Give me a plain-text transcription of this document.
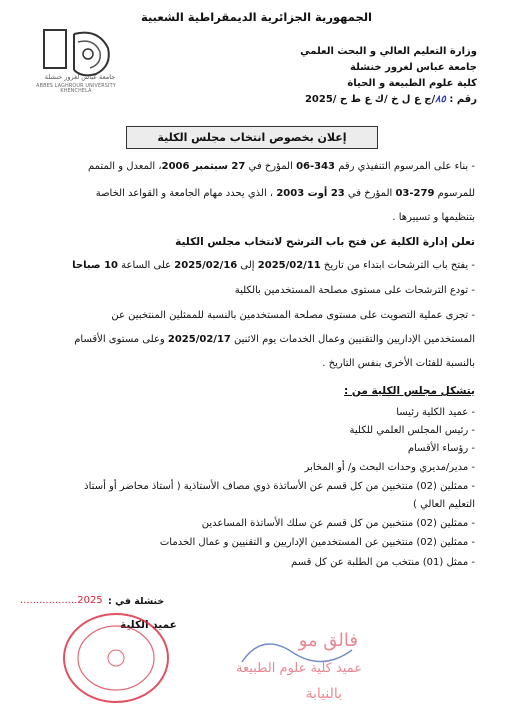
الجمهورية الجزائرية الديمقراطية الشعبية
جامعة عباس لغرور خنشلة
ABBES LAGHROUR UNIVERSITY KHENCHELA
وزارة التعليم العالي و البحث العلمي
جامعة عباس لغرور خنشلة
كلية علوم الطبيعة و الحياة
رقم : ٨٥/ج ع ل خ /ك ع ط ح /2025
إعلان بخصوص انتخاب مجلس الكلية
- بناء على المرسوم التنفيذي رقم 343-06 المؤرخ في 27 سبتمبر 2006، المعدل و المتمم
للمرسوم 279-03 المؤرخ في 23 أوت 2003 ، الذي يحدد مهام الجامعة و القواعد الخاصة
بتنظيمها و تسييرها .
تعلن إدارة الكلية عن فتح باب الترشح لانتخاب مجلس الكلية
- يفتح باب الترشحات ابتداء من تاريخ 2025/02/11 إلى 2025/02/16 على الساعة 10 صباحا
- تودع الترشحات على مستوى مصلحة المستخدمين بالكلية
- تجرى عملية التصويت على مستوى مصلحة المستخدمين بالنسبة للممثلين المنتخبين عن
المستخدمين الإداريين والتقنيين وعمال الخدمات يوم الاثنين 2025/02/17 وعلى مستوى الأقسام
بالنسبة للفئات الأخرى بنفس التاريخ .
يتشكل مجلس الكلية من :
- عميد الكلية رئيسا
- رئيس المجلس العلمي للكلية
- رؤساء الأقسام
- مدير/مديري وحدات البحث و/ أو المخابر
- ممثلين (02) منتخبين من كل قسم عن الأساتذة ذوي مصاف الأستاذية ( أستاذ محاضر أو أستاذ
التعليم العالي )
- ممثلين (02) منتخبين من كل قسم عن سلك الأساتذة المساعدين
- ممثلين (02) منتخبين عن المستخدمين الإداريين و التقنيين و عمال الخدمات
- ممثل (01) منتخب من الطلبة عن كل قسم
خنشلة في :
..................2025
عميد الكلية
فالق مو
عميد كلية علوم الطبيعة
بالنيابة
